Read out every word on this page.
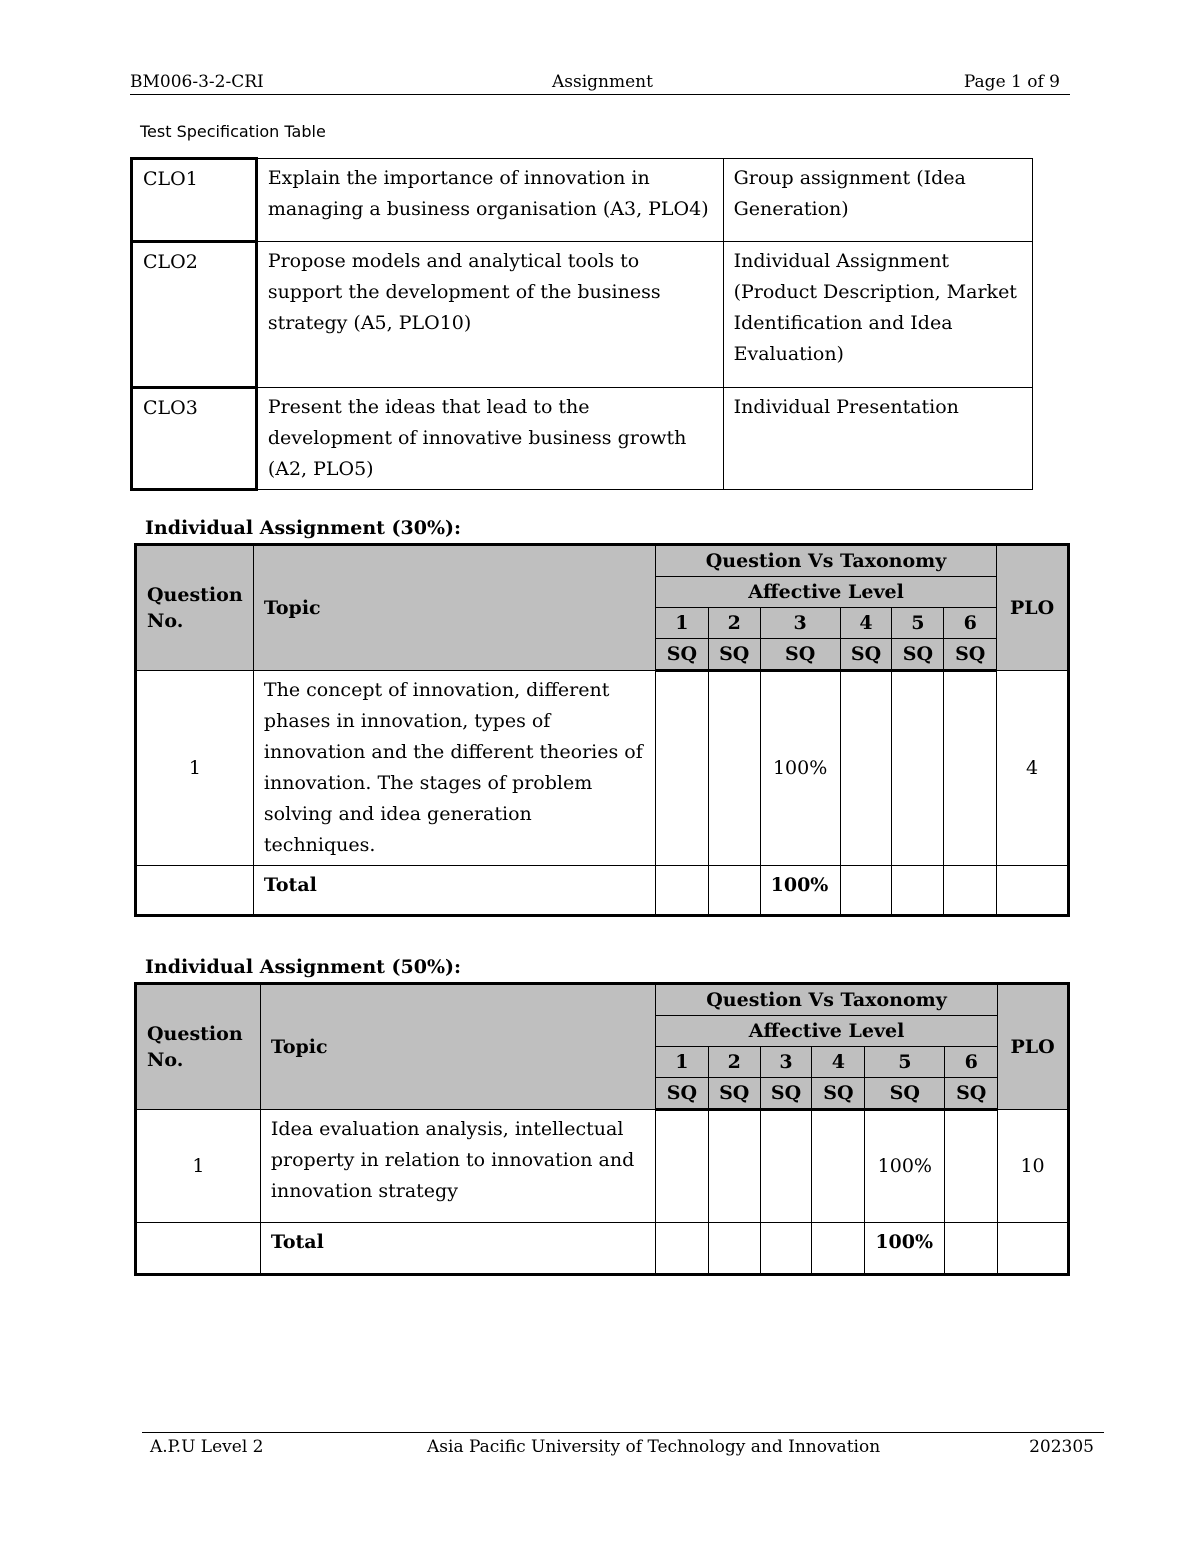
BM006-3-2-CRI	Assignment	Page 1 of 9
Test Specification Table
CLO1	Explain the importance of innovation in managing a business organisation (A3, PLO4)	Group assignment (Idea Generation)
CLO2	Propose models and analytical tools to support the development of the business strategy (A5, PLO10)	Individual Assignment (Product Description, Market Identification and Idea Evaluation)
CLO3	Present the ideas that lead to the development of innovative business growth (A2, PLO5)	Individual Presentation
Individual Assignment (30%):
Question No.	Topic	Question Vs Taxonomy						PLO
		Affective Level						
		1	2	3	4	5	6	
		SQ	SQ	SQ	SQ	SQ	SQ	
1	The concept of innovation, different phases in innovation, types of innovation and the different theories of innovation. The stages of problem solving and idea generation techniques.			100%				4
	Total			100%				
Individual Assignment (50%):
Question No.	Topic	Question Vs Taxonomy						PLO
		Affective Level						
		1	2	3	4	5	6	
		SQ	SQ	SQ	SQ	SQ	SQ	
1	Idea evaluation analysis, intellectual property in relation to innovation and innovation strategy					100%		10
	Total					100%		
A.P.U Level 2	Asia Pacific University of Technology and Innovation	202305
